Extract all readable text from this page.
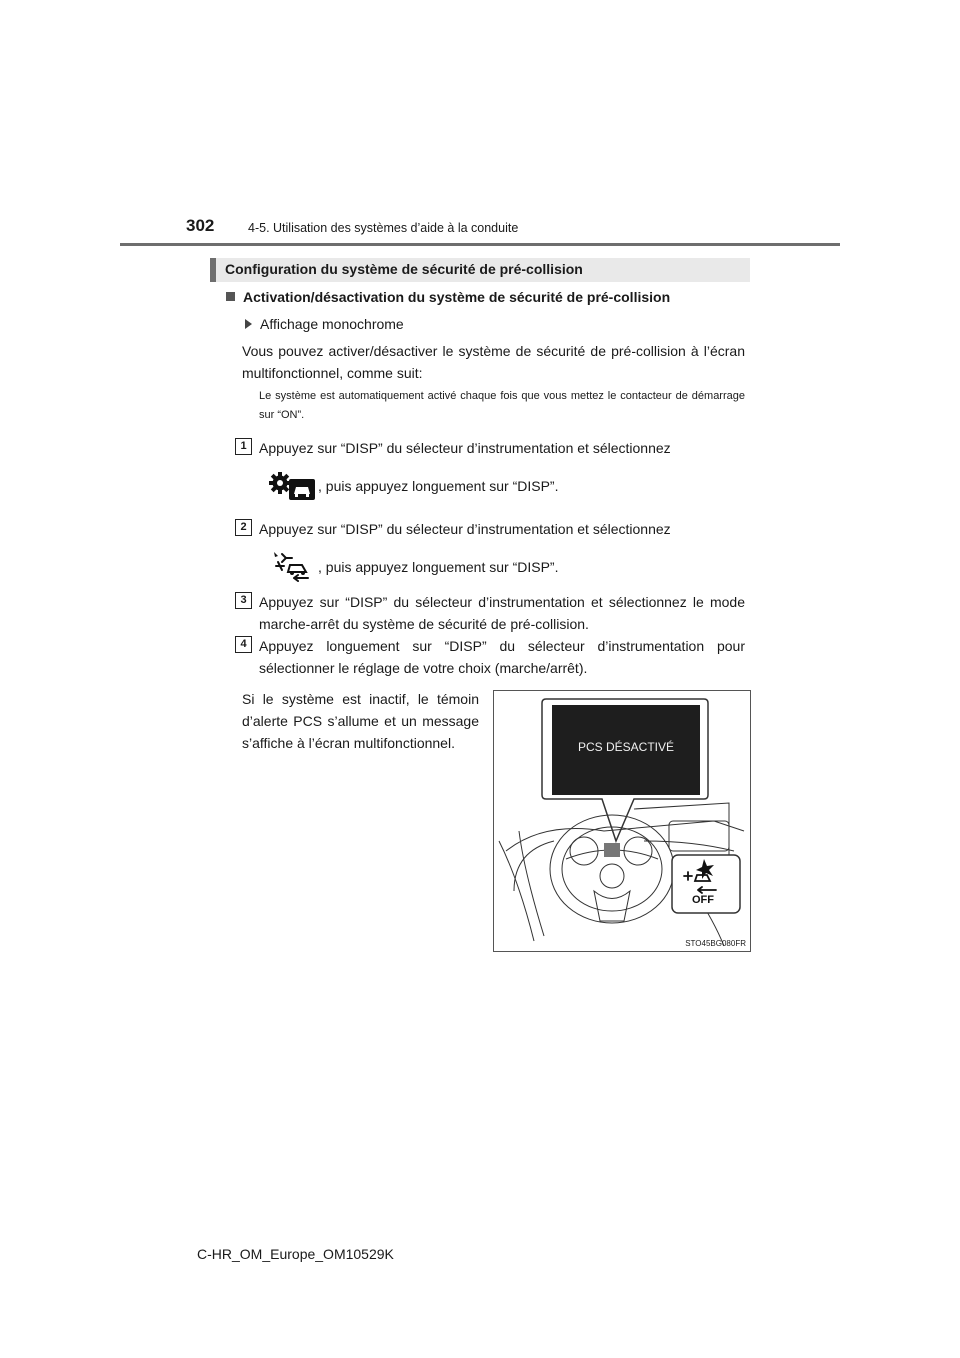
302	4-5. Utilisation des systèmes d’aide à la conduite
Configuration du système de sécurité de pré-collision
Activation/désactivation du système de sécurité de pré-collision
Affichage monochrome
Vous pouvez activer/désactiver le système de sécurité de pré-collision à l’écran multifonctionnel, comme suit:
Le système est automatiquement activé chaque fois que vous mettez le contacteur de démarrage sur “ON”.
1 Appuyez sur “DISP” du sélecteur d’instrumentation et sélectionnez
, puis appuyez longuement sur “DISP”.
2 Appuyez sur “DISP” du sélecteur d’instrumentation et sélectionnez
, puis appuyez longuement sur “DISP”.
3 Appuyez sur “DISP” du sélecteur d’instrumentation et sélectionnez le mode marche-arrêt du système de sécurité de pré-collision.
4 Appuyez longuement sur “DISP” du sélecteur d’instrumentation pour sélectionner le réglage de votre choix (marche/arrêt).
Si le système est inactif, le témoin d’alerte PCS s’allume et un message s’affiche à l’écran multifonctionnel.	PCS DÉSACTIVÉ
OFF
STO45BG080FR
C-HR_OM_Europe_OM10529K
